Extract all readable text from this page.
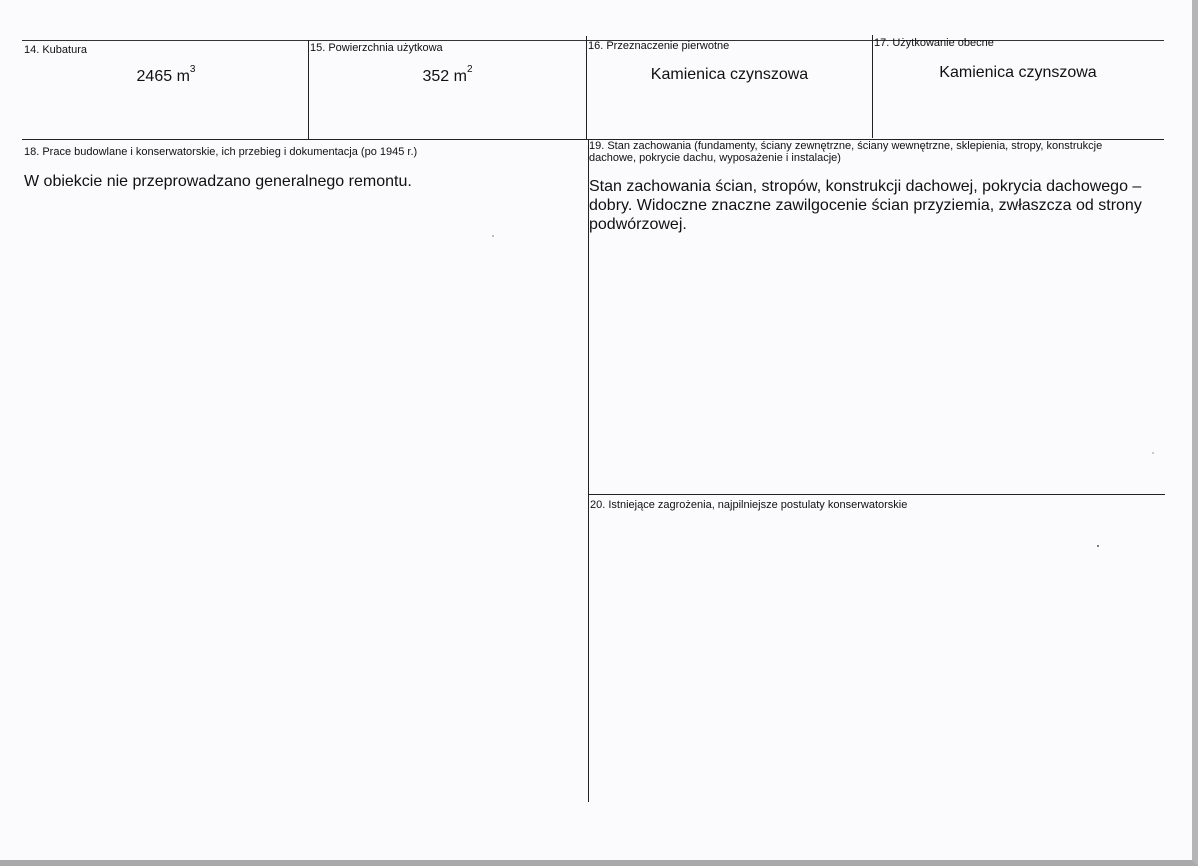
14. Kubatura
2465 $m^3$
15. Powierzchnia użytkowa
352 $m^2$
16. Przeznaczenie pierwotne
Kamienica czynszowa
17. Użytkowanie obecne
Kamienica czynszowa
18. Prace budowlane i konserwatorskie, ich przebieg i dokumentacja (po 1945 r.)
W obiekcie nie przeprowadzano generalnego remontu.
19. Stan zachowania (fundamenty, ściany zewnętrzne, ściany wewnętrzne, sklepienia, stropy, konstrukcje dachowe, pokrycie dachu, wyposażenie i instalacje)
Stan zachowania ścian, stropów, konstrukcji dachowej, pokrycia dachowego – dobry. Widoczne znaczne zawilgocenie ścian przyziemia, zwłaszcza od strony podwórzowej.
20. Istniejące zagrożenia, najpilniejsze postulaty konserwatorskie
